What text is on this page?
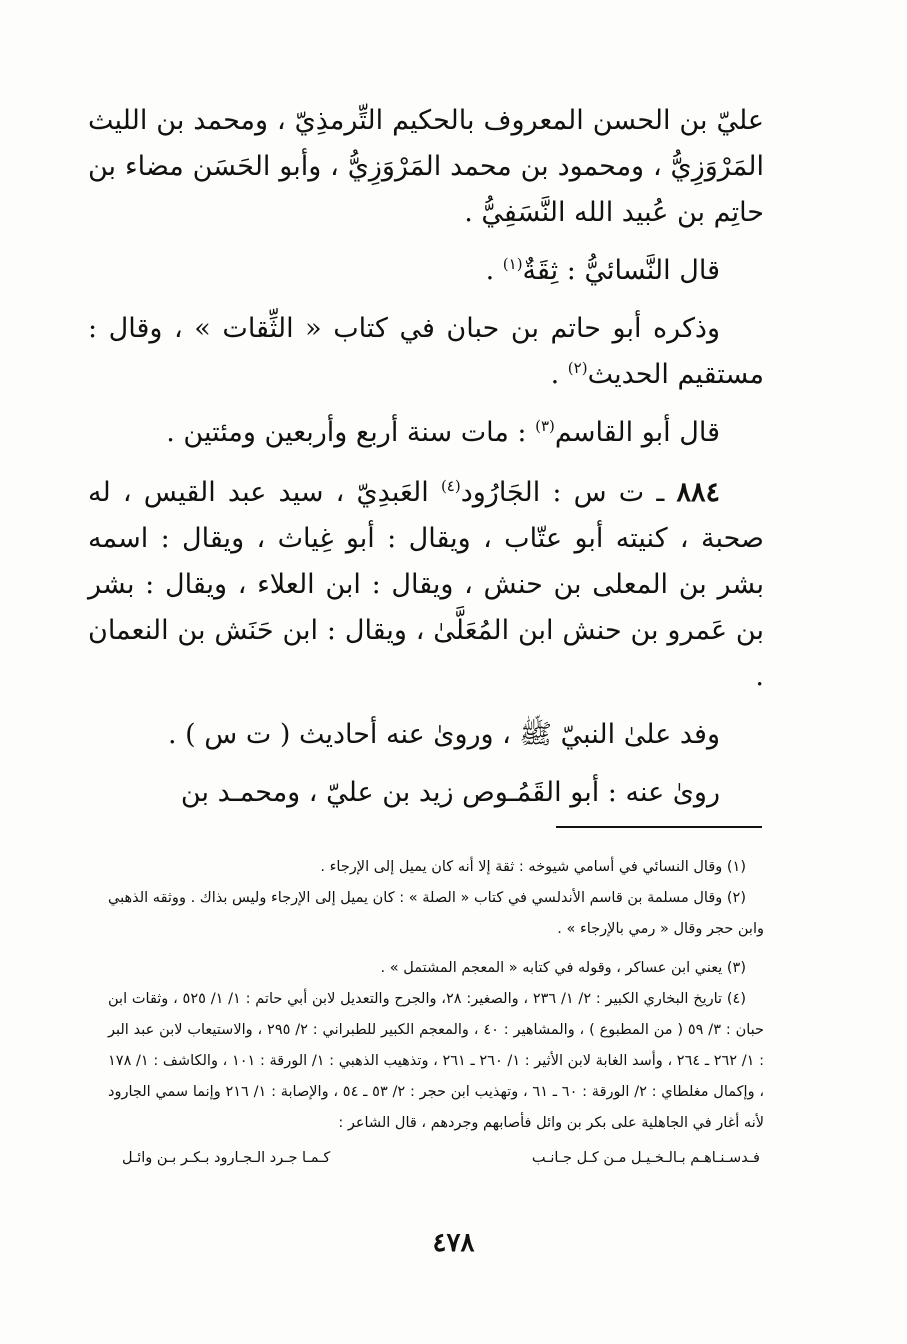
عليّ بن الحسن المعروف بالحكيم التِّرمذِيّ ، ومحمد بن الليث المَرْوَزِيُّ ، ومحمود بن محمد المَرْوَزِيُّ ، وأبو الحَسَن مضاء بن حاتِم بن عُبيد الله النَّسَفِيُّ .

قال النَّسائيُّ : ثِقَةٌ$^{(١)}$ .

وذكره أبو حاتم بن حبان في كتاب « الثِّقات » ، وقال : مستقيم الحديث$^{(٢)}$ .

قال أبو القاسم$^{(٣)}$ : مات سنة أربع وأربعين ومئتين .

٨٨٤ ـ ت س : الجَارُود$^{(٤)}$ العَبدِيّ ، سيد عبد القيس ، له صحبة ، كنيته أبو عتّاب ، ويقال : أبو غِياث ، ويقال : اسمه بشر بن المعلى بن حنش ، ويقال : ابن العلاء ، ويقال : بشر بن عَمرو بن حنش ابن المُعَلَّىٰ ، ويقال : ابن حَنَش بن النعمان .

وفد علىٰ النبيّ ﷺ ، وروىٰ عنه أحاديث ( ت س ) .

روىٰ عنه : أبو القَمُـوص زيد بن عليّ ، ومحمـد بن

(١) وقال النسائي في أسامي شيوخه : ثقة إلا أنه كان يميل إلى الإرجاء .

(٢) وقال مسلمة بن قاسم الأندلسي في كتاب « الصلة » : كان يميل إلى الإرجاء وليس بذاك . ووثقه الذهبي وابن حجر وقال « رمي بالإرجاء » .

(٣) يعني ابن عساكر ، وقوله في كتابه « المعجم المشتمل » .

(٤) تاريخ البخاري الكبير : ٢/ ١/ ٢٣٦ ، والصغير: ٢٨، والجرح والتعديل لابن أبي حاتم : ١/ ١/ ٥٢٥ ، وثقات ابن حبان : ٣/ ٥٩ ( من المطبوع ) ، والمشاهير : ٤٠ ، والمعجم الكبير للطبراني : ٢/ ٢٩٥ ، والاستيعاب لابن عبد البر : ١/ ٢٦٢ ـ ٢٦٤ ، وأسد الغابة لابن الأثير : ١/ ٢٦٠ ـ ٢٦١ ، وتذهيب الذهبي : ١/ الورقة : ١٠١ ، والكاشف : ١/ ١٧٨ ، وإكمال مغلطاي : ٢/ الورقة : ٦٠ ـ ٦١ ، وتهذيب ابن حجر : ٢/ ٥٣ ـ ٥٤ ، والإصابة : ١/ ٢١٦ وإنما سمي الجارود لأنه أغار في الجاهلية على بكر بن وائل فأصابهم وجردهم ، قال الشاعر :

فـدسـنـاهـم بـالـخـيـل مـن كـل جـانـب
كـمـا جـرد الـجـارود بـكـر بـن وائـل
٤٧٨
